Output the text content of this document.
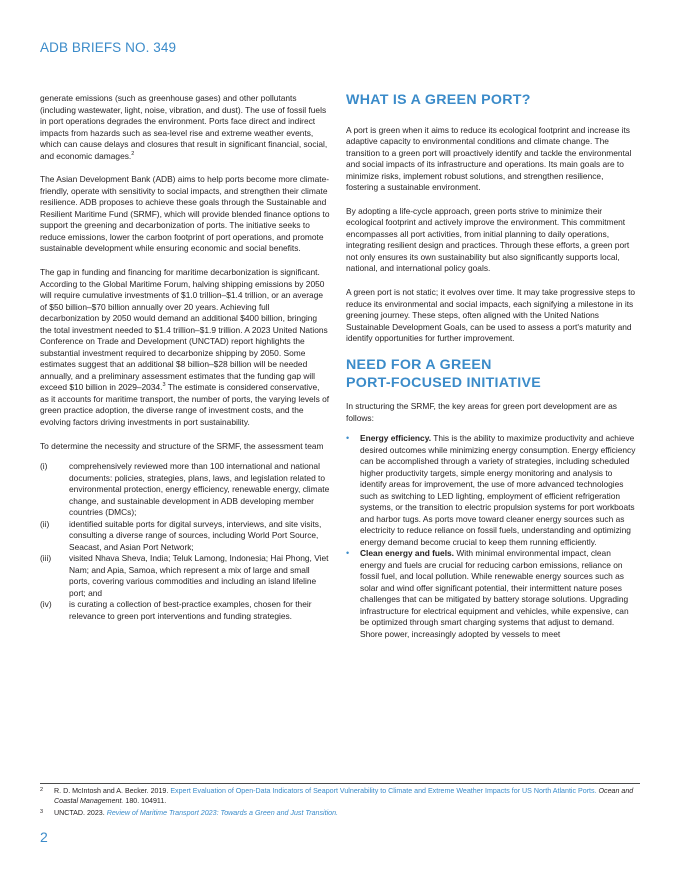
ADB BRIEFS NO. 349

generate emissions (such as greenhouse gases) and other pollutants (including wastewater, light, noise, vibration, and dust). The use of fossil fuels in port operations degrades the environment. Ports face direct and indirect impacts from hazards such as sea-level rise and extreme weather events, which can cause delays and closures that result in significant financial, social, and economic damages.$^2$

The Asian Development Bank (ADB) aims to help ports become more climate-friendly, operate with sensitivity to social impacts, and strengthen their climate resilience. ADB proposes to achieve these goals through the Sustainable and Resilient Maritime Fund (SRMF), which will provide blended finance options to support the greening and decarbonization of ports. The initiative seeks to reduce emissions, lower the carbon footprint of port operations, and promote sustainable development while ensuring economic and social benefits.

The gap in funding and financing for maritime decarbonization is significant. According to the Global Maritime Forum, halving shipping emissions by 2050 will require cumulative investments of $1.0 trillion–$1.4 trillion, or an average of $50 billion–$70 billion annually over 20 years. Achieving full decarbonization by 2050 would demand an additional $400 billion, bringing the total investment needed to $1.4 trillion–$1.9 trillion. A 2023 United Nations Conference on Trade and Development (UNCTAD) report highlights the substantial investment required to decarbonize shipping by 2050. Some estimates suggest that an additional $8 billion–$28 billion will be needed annually, and a preliminary assessment estimates that the funding gap will exceed $10 billion in 2029–2034.$^3$ The estimate is considered conservative, as it accounts for maritime transport, the number of ports, the varying levels of green practice adoption, the diverse range of investment costs, and the evolving factors driving investments in port sustainability.

To determine the necessity and structure of the SRMF, the assessment team

(i)	comprehensively reviewed more than 100 international and national documents: policies, strategies, plans, laws, and legislation related to environmental protection, energy efficiency, renewable energy, climate change, and sustainable development in ADB developing member countries (DMCs);
(ii) identified suitable ports for digital surveys, interviews, and site visits, consulting a diverse range of sources, including World Port Source, Seacast, and Asian Port Network;
(iii) visited Nhava Sheva, India; Teluk Lamong, Indonesia; Hai Phong, Viet Nam; and Apia, Samoa, which represent a mix of large and small ports, covering various commodities and including an island lifeline port; and
(iv) is curating a collection of best-practice examples, chosen for their relevance to green port interventions and funding strategies.
WHAT IS A GREEN PORT?

A port is green when it aims to reduce its ecological footprint and increase its adaptive capacity to environmental conditions and climate change. The transition to a green port will proactively identify and tackle the environmental and social impacts of its infrastructure and operations. Its main goals are to minimize risks, implement robust solutions, and strengthen resilience, fostering a sustainable environment.

By adopting a life-cycle approach, green ports strive to minimize their ecological footprint and actively improve the environment. This commitment encompasses all port activities, from initial planning to daily operations, integrating resilient design and practices. Through these efforts, a green port not only ensures its own sustainability but also significantly supports local, national, and international policy goals.

A green port is not static; it evolves over time. It may take progressive steps to reduce its environmental and social impacts, each signifying a milestone in its greening journey. These steps, often aligned with the United Nations Sustainable Development Goals, can be used to assess a port's maturity and identify opportunities for further improvement.

NEED FOR A GREEN
PORT-FOCUSED INITIATIVE

In structuring the SRMF, the key areas for green port development are as follows:

• Energy efficiency. This is the ability to maximize productivity and achieve desired outcomes while minimizing energy consumption. Energy efficiency can be accomplished through a variety of strategies, including scheduled higher productivity targets, simple energy monitoring and analysis to identify areas for improvement, the use of more advanced technologies such as switching to LED lighting, employment of efficient refrigeration systems, or the transition to electric propulsion systems for port workboats and harbor tugs. As ports move toward cleaner energy sources such as electricity to reduce reliance on fossil fuels, understanding and optimizing energy demand become crucial to keep them running efficiently.
• Clean energy and fuels. With minimal environmental impact, clean energy and fuels are crucial for reducing carbon emissions, reliance on fossil fuel, and local pollution. While renewable energy sources such as solar and wind offer significant potential, their intermittent nature poses challenges that can be mitigated by battery storage solutions. Upgrading infrastructure for electrical equipment and vehicles, while expensive, can be optimized through smart charging systems that adjust to demand. Shore power, increasingly adopted by vessels to meet
2 R. D. McIntosh and A. Becker. 2019. Expert Evaluation of Open-Data Indicators of Seaport Vulnerability to Climate and Extreme Weather Impacts for US North Atlantic Ports. Ocean and Coastal Management. 180. 104911.
3 UNCTAD. 2023. Review of Maritime Transport 2023: Towards a Green and Just Transition.
2
